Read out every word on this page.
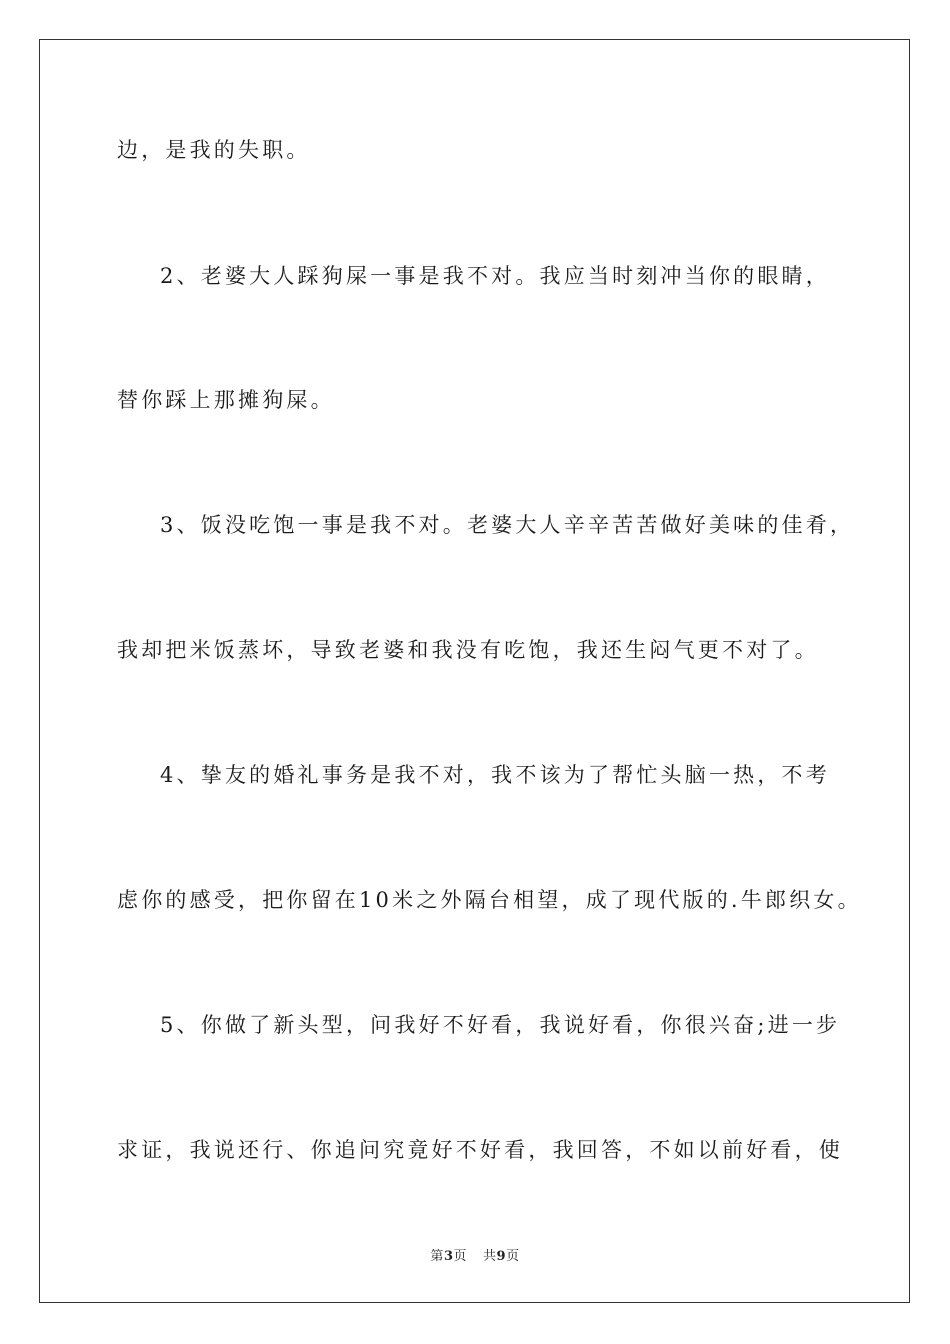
边，是我的失职。
2、老婆大人踩狗屎一事是我不对。我应当时刻冲当你的眼睛，
替你踩上那摊狗屎。
3、饭没吃饱一事是我不对。老婆大人辛辛苦苦做好美味的佳肴，
我却把米饭蒸坏，导致老婆和我没有吃饱，我还生闷气更不对了。
4、挚友的婚礼事务是我不对，我不该为了帮忙头脑一热，不考
虑你的感受，把你留在10米之外隔台相望，成了现代版的.牛郎织女。
5、你做了新头型，问我好不好看，我说好看，你很兴奋;进一步
求证，我说还行、你追问究竟好不好看，我回答，不如以前好看，使
第3页 共9页
